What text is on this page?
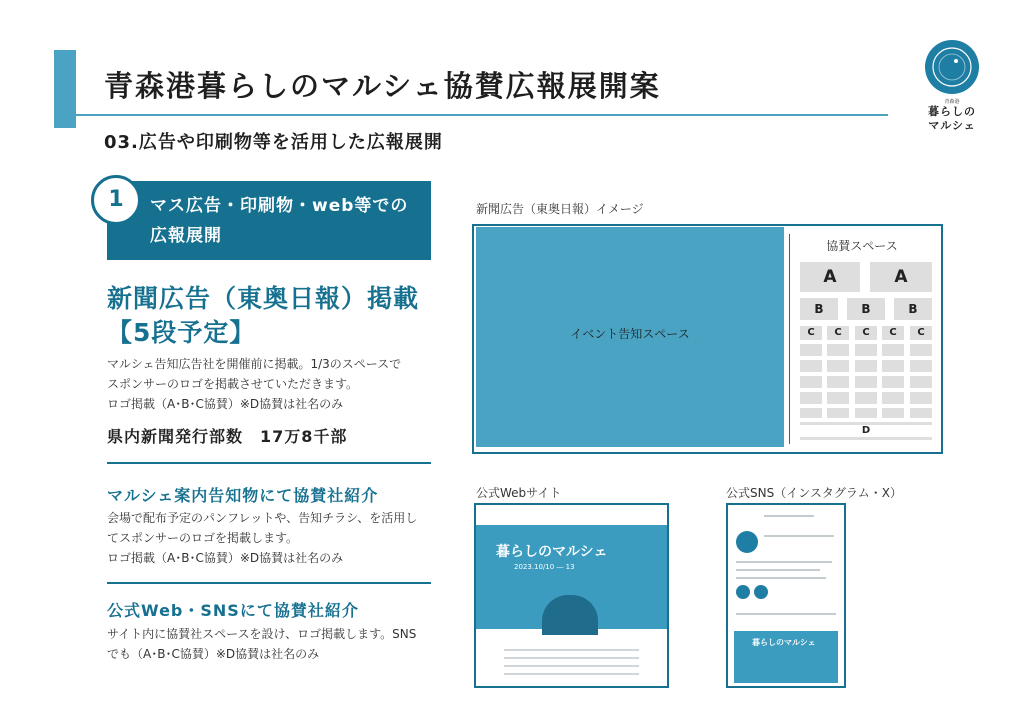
青森港暮らしのマルシェ協賛広報展開案
03.広告や印刷物等を活用した広報展開
青森港
暮らしの
マルシェ
1	マス広告・印刷物・web等での広報展開
新聞広告（東奥日報）掲載
【5段予定】
マルシェ告知広告社を開催前に掲載。1/3のスペースで
スポンサーのロゴを掲載させていただきます。
ロゴ掲載（A･B･C協賛）※D協賛は社名のみ
県内新聞発行部数　17万8千部
マルシェ案内告知物にて協賛社紹介
会場で配布予定のパンフレットや、告知チラシ、を活用し
てスポンサーのロゴを掲載します。
ロゴ掲載（A･B･C協賛）※D協賛は社名のみ
公式Web・SNSにて協賛社紹介
サイト内に協賛社スペースを設け、ロゴ掲載します。SNS
でも（A･B･C協賛）※D協賛は社名のみ
新聞広告（東奥日報）イメージ
イベント告知スペース
協賛スペース
A	A
B	B	B
C	C	C	C	C
D
公式Webサイト
暮らしのマルシェ
2023.10/10 ― 13
公式SNS（インスタグラム・X）
暮らしのマルシェ
